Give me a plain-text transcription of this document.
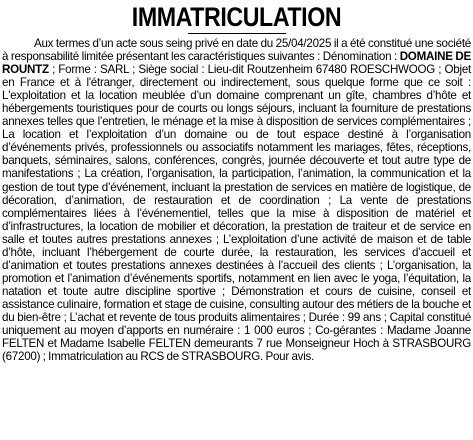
IMMATRICULATION

Aux termes d’un acte sous seing privé en date du 25/04/2025 il a été constitué une société à responsabilité limitée présentant les caractéristiques suivantes : Dénomination : DOMAINE DE ROUNTZ ; Forme : SARL ; Siège social : Lieu-dit Routzenheim 67480 ROESCHWOOG ; Objet en France et à l'étranger, directement ou indirectement, sous quelque forme que ce soit : L'exploitation et la location meublée d’un domaine comprenant un gîte, chambres d’hôte et hébergements touristiques pour de courts ou longs séjours, incluant la fourniture de prestations annexes telles que l’entretien, le ménage et la mise à disposition de services complémentaires ; La location et l’exploitation d’un domaine ou de tout espace destiné à l’organisation d’événements privés, professionnels ou associatifs notamment les mariages, fêtes, réceptions, banquets, séminaires, salons, conférences, congrès, journée découverte et tout autre type de manifestations ; La création, l’organisation, la participation, l’animation, la communication et la gestion de tout type d’événement, incluant la prestation de services en matière de logistique, de décoration, d’animation, de restauration et de coordination ; La vente de prestations complémentaires liées à l’événementiel, telles que la mise à disposition de matériel et d’infrastructures, la location de mobilier et décoration, la prestation de traiteur et de service en salle et toutes autres prestations annexes ; L’exploitation d’une activité de maison et de table d’hôte, incluant l’hébergement de courte durée, la restauration, les services d’accueil et d’animation et toutes prestations annexes destinées à l’accueil des clients ; L’organisation, la promotion et l’animation d’événements sportifs, notamment en lien avec le yoga, l’équitation, la natation et toute autre discipline sportive ; Démonstration et cours de cuisine, conseil et assistance culinaire, formation et stage de cuisine, consulting autour des métiers de la bouche et du bien-être ; L’achat et revente de tous produits alimentaires ; Durée : 99 ans ; Capital constitué uniquement au moyen d’apports en numéraire : 1 000 euros ; Co-gérantes : Madame Joanne FELTEN et Madame Isabelle FELTEN demeurants 7 rue Monseigneur Hoch à STRASBOURG (67200) ; Immatriculation au RCS de STRASBOURG. Pour avis.
